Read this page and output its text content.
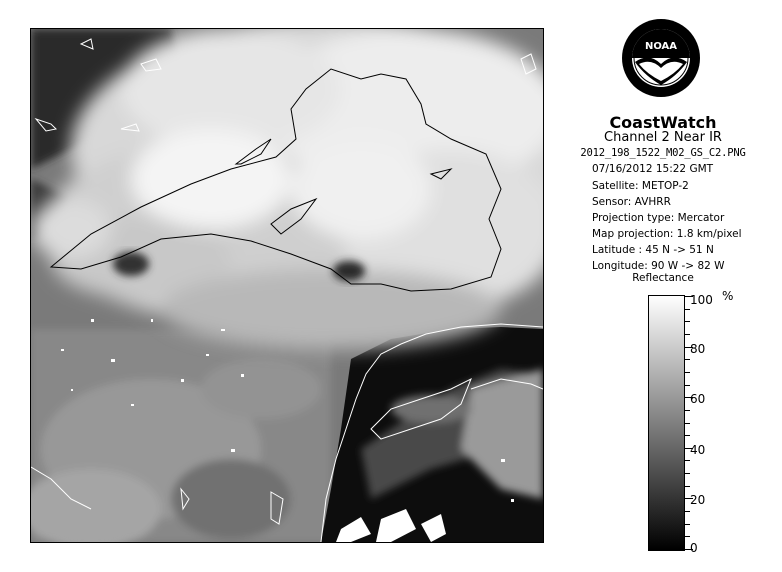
NOAA
CoastWatch
Channel 2 Near IR
2012_198_1522_M02_GS_C2.PNG
07/16/2012 15:22 GMT
Satellite: METOP-2
Sensor: AVHRR
Projection type: Mercator
Map projection: 1.8 km/pixel
Latitude : 45 N -> 51 N
Longitude: 90 W -> 82 W
Reflectance
100 %
80
60
40
20
0
